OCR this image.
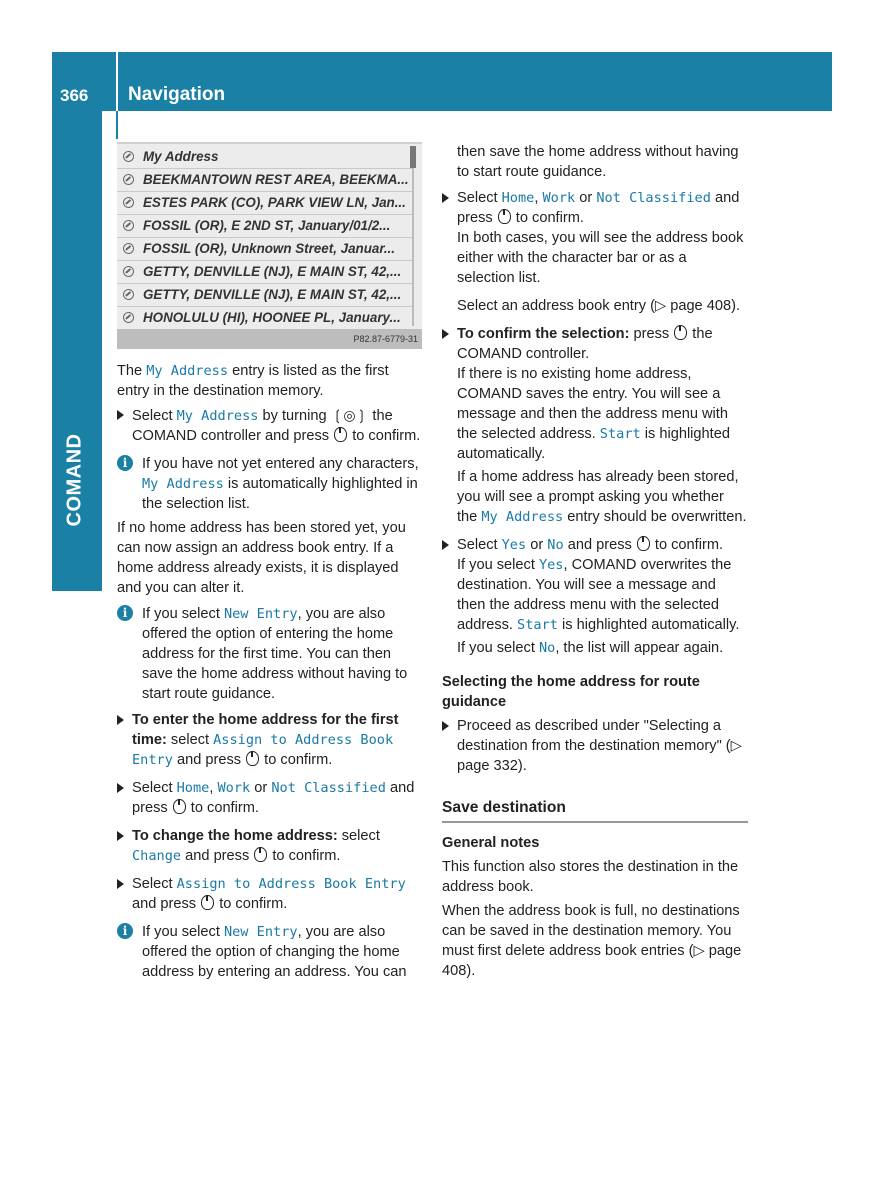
366 Navigation
COMAND
My Address
BEEKMANTOWN REST AREA, BEEKMA...
ESTES PARK (CO), PARK VIEW LN, Jan...
FOSSIL (OR), E 2ND ST, January/01/2...
FOSSIL (OR), Unknown Street, Januar...
GETTY, DENVILLE (NJ), E MAIN ST, 42,...
GETTY, DENVILLE (NJ), E MAIN ST, 42,...
HONOLULU (HI), HOONEE PL, January...
P82.87-6779-31

The My Address entry is listed as the first entry in the destination memory.

Select My Address by turning ❲◎❳ the COMAND controller and press  to confirm.
i	If you have not yet entered any characters, My Address is automatically highlighted in the selection list.

If no home address has been stored yet, you can now assign an address book entry. If a home address already exists, it is displayed and you can alter it.

i	If you select New Entry, you are also offered the option of entering the home address for the first time. You can then save the home address without having to start route guidance.
To enter the home address for the first time: select Assign to Address Book Entry and press  to confirm.
Select Home, Work or Not Classified and press  to confirm.
To change the home address: select Change and press  to confirm.
Select Assign to Address Book Entry and press  to confirm.
i	If you select New Entry, you are also offered the option of changing the home address by entering an address. You can

then save the home address without having to start route guidance.

Select Home, Work or Not Classified and press  to confirm.
In both cases, you will see the address book either with the character bar or as a selection list.
Select an address book entry (▷ page 408).
To confirm the selection: press  the COMAND controller.
If there is no existing home address, COMAND saves the entry. You will see a message and then the address menu with the selected address. Start is highlighted automatically.
If a home address has already been stored, you will see a prompt asking you whether the My Address entry should be overwritten.
Select Yes or No and press  to confirm.
If you select Yes, COMAND overwrites the destination. You will see a message and then the address menu with the selected address. Start is highlighted automatically.
If you select No, the list will appear again.
Selecting the home address for route guidance
Proceed as described under "Selecting a destination from the destination memory" (▷ page 332).
Save destination
General notes

This function also stores the destination in the address book.

When the address book is full, no destinations can be saved in the destination memory. You must first delete address book entries (▷ page 408).
